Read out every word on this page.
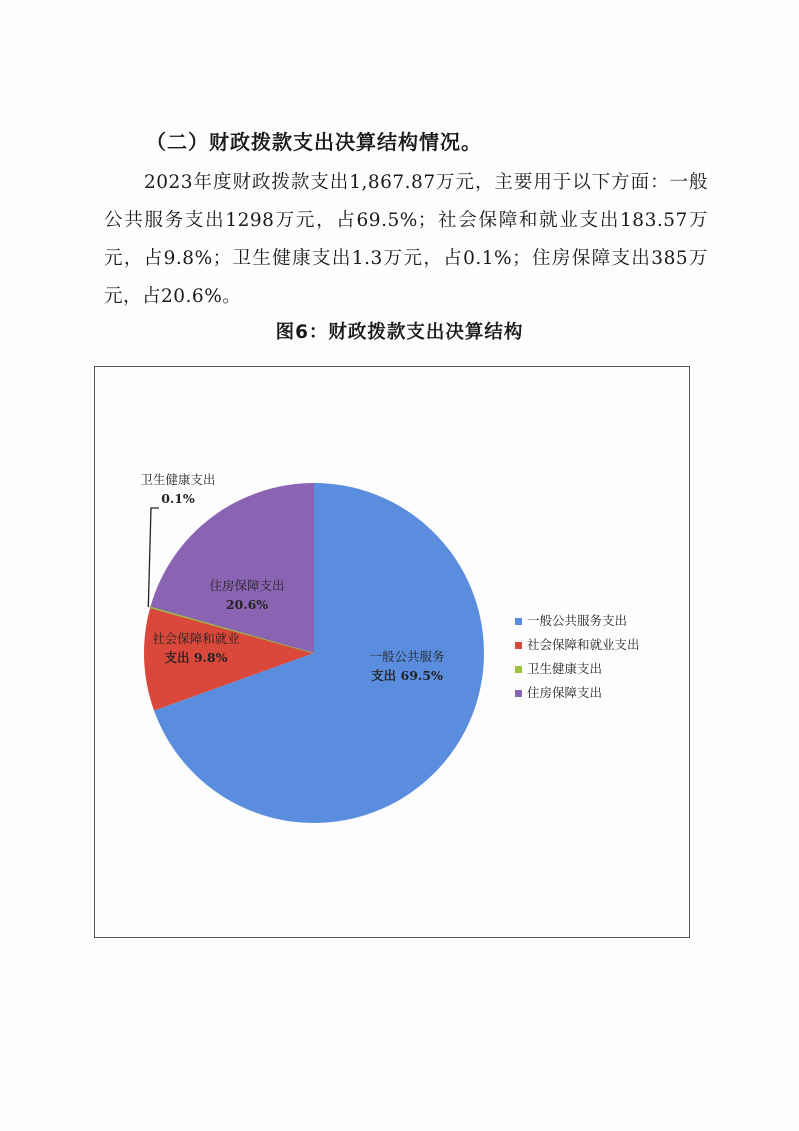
（二）财政拨款支出决算结构情况。
2023年度财政拨款支出1,867.87万元，主要用于以下方面：一般公共服务支出1298万元，占69.5%；社会保障和就业支出183.57万元，占9.8%；卫生健康支出1.3万元，占0.1%；住房保障支出385万元，占20.6%。
图6：财政拨款支出决算结构
一般公共服务
支出 69.5%
社会保障和就业
支出 9.8%
卫生健康支出
0.1%
住房保障支出
20.6%
一般公共服务支出
社会保障和就业支出
卫生健康支出
住房保障支出
